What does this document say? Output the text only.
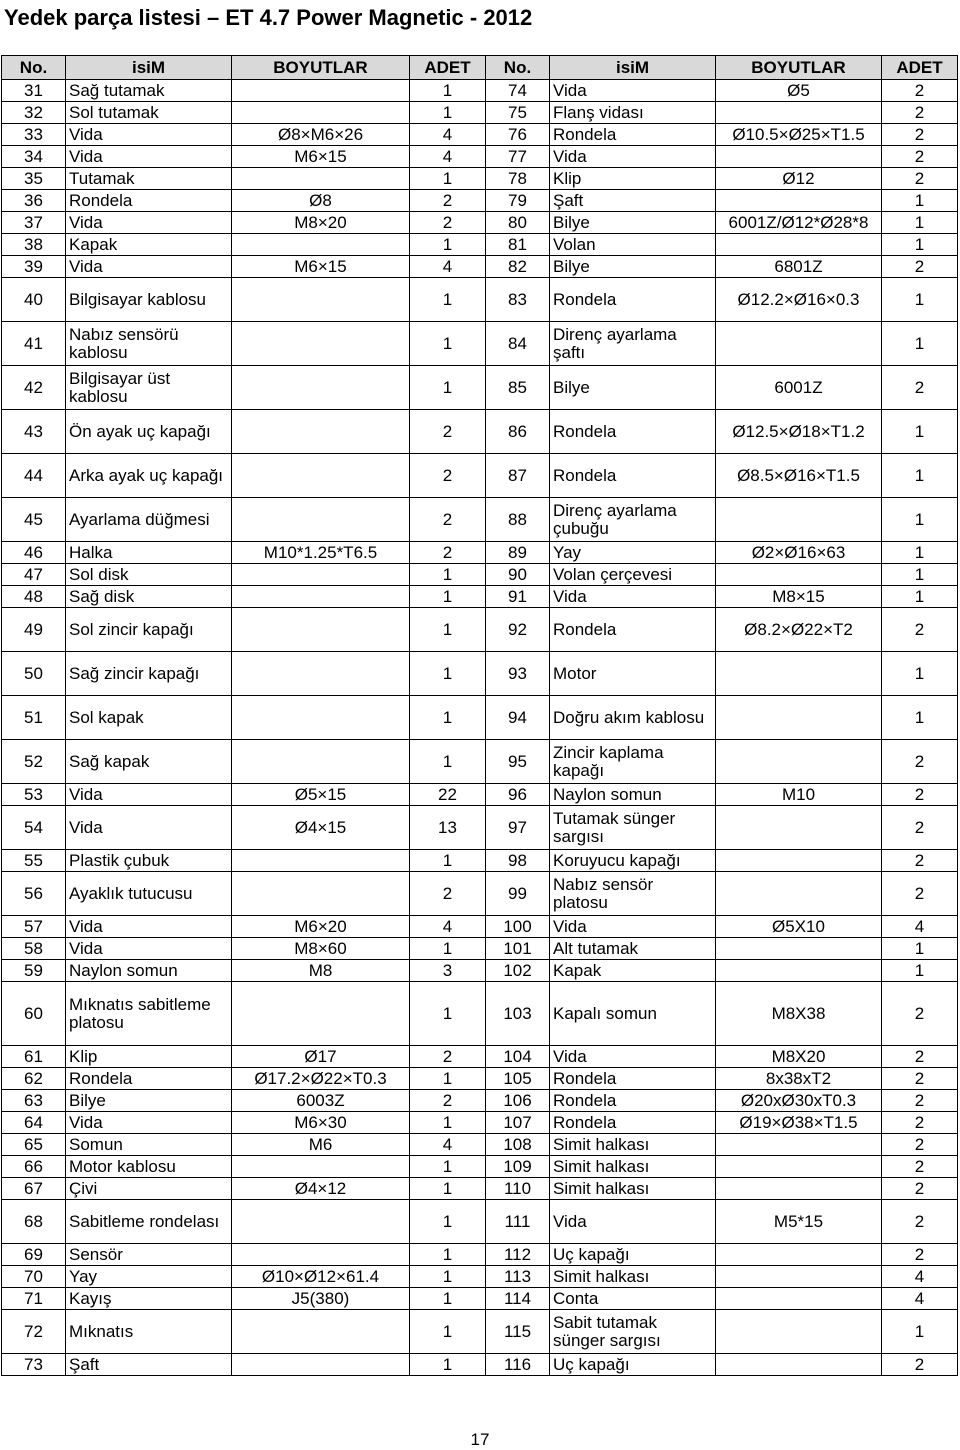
Yedek parça listesi – ET 4.7 Power Magnetic - 2012
No.	isiM	BOYUTLAR	ADET	No.	isiM	BOYUTLAR	ADET
31	Sağ tutamak		1	74	Vida	Ø5	2
32	Sol tutamak		1	75	Flanş vidası		2
33	Vida	Ø8×M6×26	4	76	Rondela	Ø10.5×Ø25×T1.5	2
34	Vida	M6×15	4	77	Vida		2
35	Tutamak		1	78	Klip	Ø12	2
36	Rondela	Ø8	2	79	Şaft		1
37	Vida	M8×20	2	80	Bilye	6001Z/Ø12*Ø28*8	1
38	Kapak		1	81	Volan		1
39	Vida	M6×15	4	82	Bilye	6801Z	2
40	Bilgisayar kablosu		1	83	Rondela	Ø12.2×Ø16×0.3	1
41	Nabız sensörü kablosu		1	84	Direnç ayarlama şaftı		1
42	Bilgisayar üst kablosu		1	85	Bilye	6001Z	2
43	Ön ayak uç kapağı		2	86	Rondela	Ø12.5×Ø18×T1.2	1
44	Arka ayak uç kapağı		2	87	Rondela	Ø8.5×Ø16×T1.5	1
45	Ayarlama düğmesi		2	88	Direnç ayarlama çubuğu		1
46	Halka	M10*1.25*T6.5	2	89	Yay	Ø2×Ø16×63	1
47	Sol disk		1	90	Volan çerçevesi		1
48	Sağ disk		1	91	Vida	M8×15	1
49	Sol zincir kapağı		1	92	Rondela	Ø8.2×Ø22×T2	2
50	Sağ zincir kapağı		1	93	Motor		1
51	Sol kapak		1	94	Doğru akım kablosu		1
52	Sağ kapak		1	95	Zincir kaplama kapağı		2
53	Vida	Ø5×15	22	96	Naylon somun	M10	2
54	Vida	Ø4×15	13	97	Tutamak sünger sargısı		2
55	Plastik çubuk		1	98	Koruyucu kapağı		2
56	Ayaklık tutucusu		2	99	Nabız sensör platosu		2
57	Vida	M6×20	4	100	Vida	Ø5X10	4
58	Vida	M8×60	1	101	Alt tutamak		1
59	Naylon somun	M8	3	102	Kapak		1
60	Mıknatıs sabitleme platosu		1	103	Kapalı somun	M8X38	2
61	Klip	Ø17	2	104	Vida	M8X20	2
62	Rondela	Ø17.2×Ø22×T0.3	1	105	Rondela	8x38xT2	2
63	Bilye	6003Z	2	106	Rondela	Ø20xØ30xT0.3	2
64	Vida	M6×30	1	107	Rondela	Ø19×Ø38×T1.5	2
65	Somun	M6	4	108	Simit halkası		2
66	Motor kablosu		1	109	Simit halkası		2
67	Çivi	Ø4×12	1	110	Simit halkası		2
68	Sabitleme rondelası		1	111	Vida	M5*15	2
69	Sensör		1	112	Uç kapağı		2
70	Yay	Ø10×Ø12×61.4	1	113	Simit halkası		4
71	Kayış	J5(380)	1	114	Conta		4
72	Mıknatıs		1	115	Sabit tutamak sünger sargısı		1
73	Şaft		1	116	Uç kapağı		2
17
